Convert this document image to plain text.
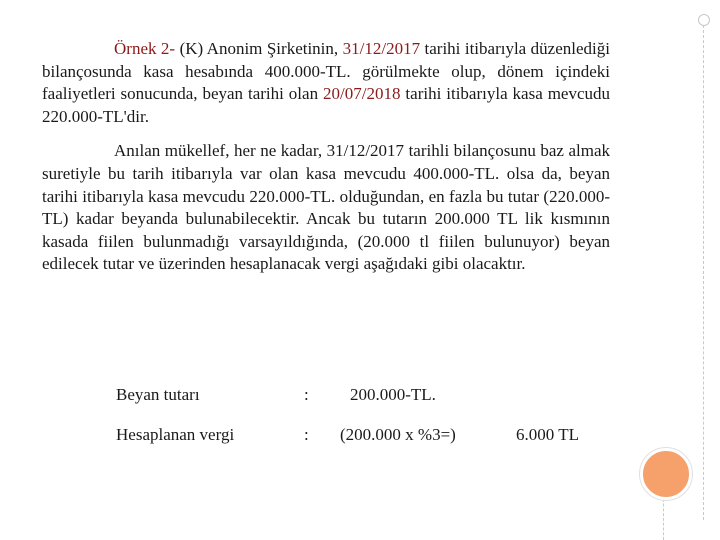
Örnek 2- (K) Anonim Şirketinin, 31/12/2017 tarihi itibarıyla düzenlediği bilançosunda kasa hesabında 400.000-TL. görülmekte olup, dönem içindeki faaliyetleri sonucunda, beyan tarihi olan 20/07/2018 tarihi itibarıyla kasa mevcudu 220.000-TL'dir.

Anılan mükellef, her ne kadar, 31/12/2017 tarihli bilançosunu baz almak suretiyle bu tarih itibarıyla var olan kasa mevcudu 400.000-TL. olsa da, beyan tarihi itibarıyla kasa mevcudu 220.000-TL. olduğundan, en fazla bu tutar (220.000-TL) kadar beyanda bulunabilecektir. Ancak bu tutarın 200.000 TL lik kısmının kasada fiilen bulunmadığı varsayıldığında, (20.000 tl fiilen bulunuyor) beyan edilecek tutar ve üzerinden hesaplanacak vergi aşağıdaki gibi olacaktır.

Beyan tutarı	: 200.000-TL.
Hesaplanan vergi	: (200.000 x %3=)	6.000 TL
